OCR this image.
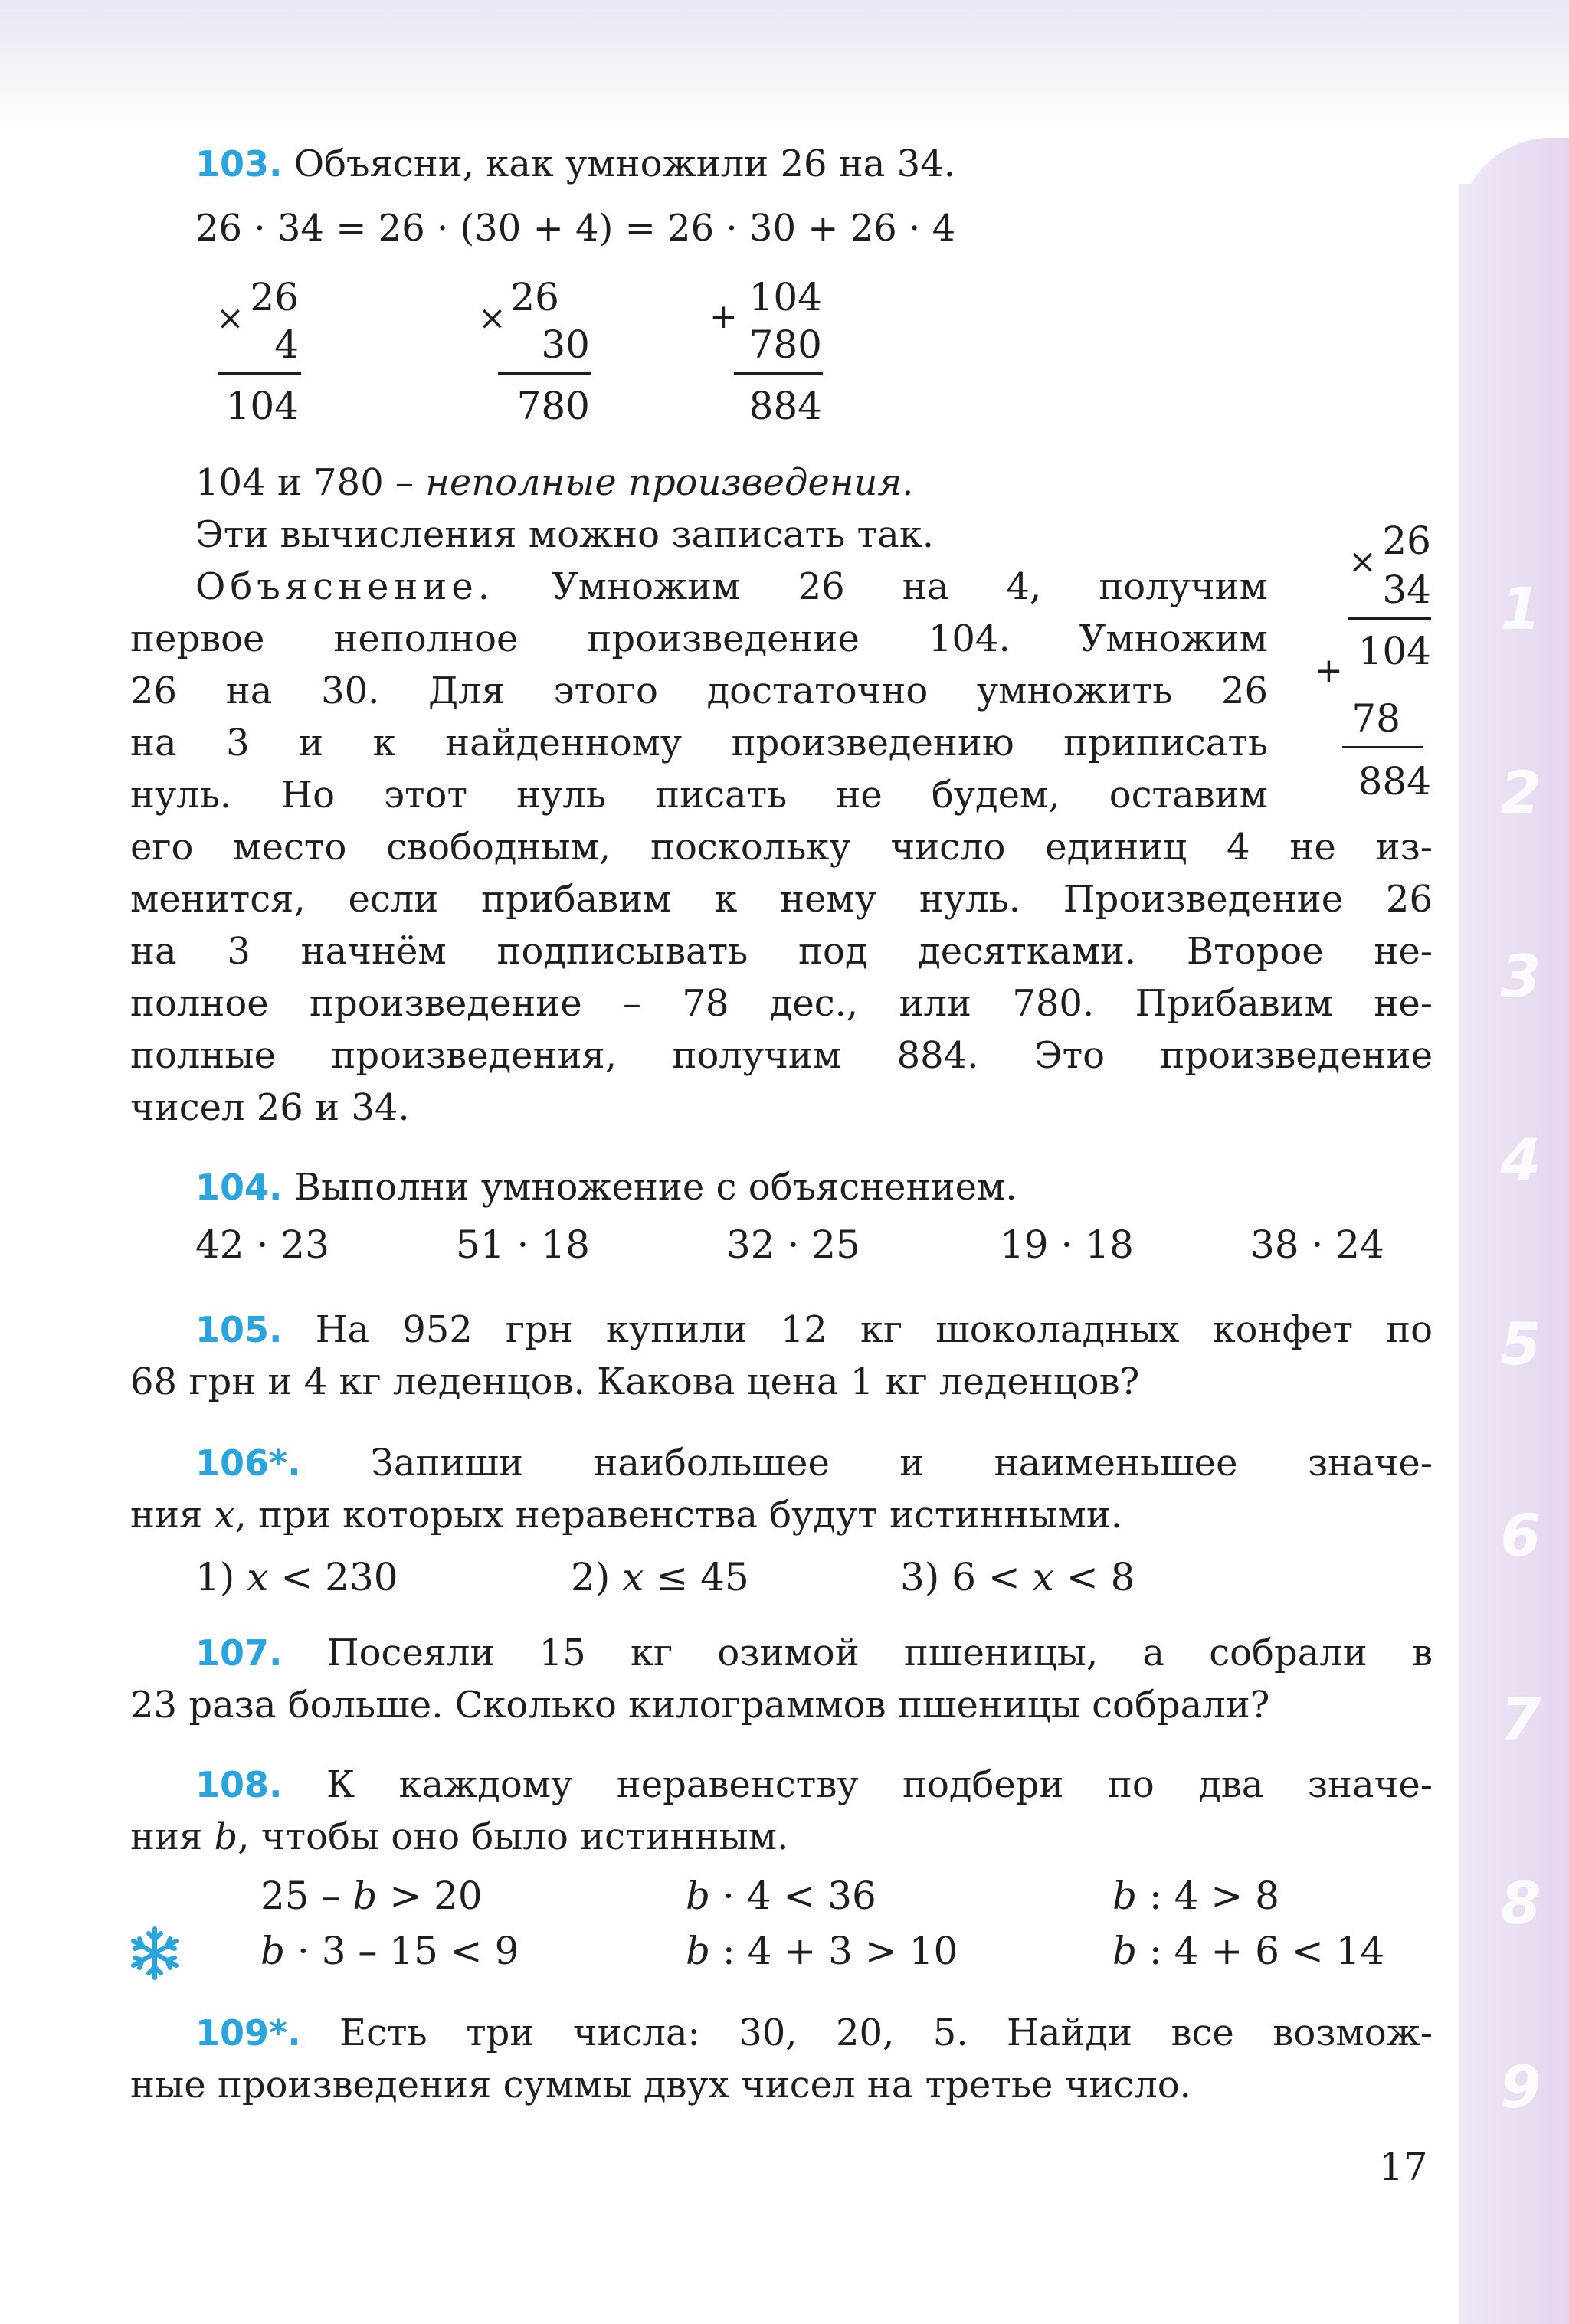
1
2
3
4
5
6
7
8
9
103. Объясни, как умножили 26 на 34.
26 · 34 = 26 · (30 + 4) = 26 · 30 + 26 · 4
× 26
4
104
× 26
30
780
+ 104
780
884
104 и 780 – неполные произведения.
Эти вычисления можно записать так.
Объяснение. Умножим 26 на 4, получим
первое неполное произведение 104. Умножим
26 на 30. Для этого достаточно умножить 26
на 3 и к найденному произведению приписать
нуль. Но этот нуль писать не будем, оставим
его место свободным, поскольку число единиц 4 не из-
менится, если прибавим к нему нуль. Произведение 26
на 3 начнём подписывать под десятками. Второе не-
полное произведение – 78 дес., или 780. Прибавим не-
полные произведения, получим 884. Это произведение
чисел 26 и 34.
× 26
34
104
+
78
884
104. Выполни умножение с объяснением.
42 · 23	51 · 18	32 · 25	19 · 18	38 · 24
105. На 952 грн купили 12 кг шоколадных конфет по
68 грн и 4 кг леденцов. Какова цена 1 кг леденцов?
106*. Запиши наибольшее и наименьшее значе-
ния x, при которых неравенства будут истинными.
1) x < 230	2) x ≤ 45	3) 6 < x < 8
107. Посеяли 15 кг озимой пшеницы, а собрали в
23 раза больше. Сколько килограммов пшеницы собрали?
108. К каждому неравенству подбери по два значе-
ния b, чтобы оно было истинным.
25 – b > 20	b · 4 < 36	b : 4 > 8
b · 3 – 15 < 9	b : 4 + 3 > 10	b : 4 + 6 < 14
109*. Есть три числа: 30, 20, 5. Найди все возмож-
ные произведения суммы двух чисел на третье число.
17
